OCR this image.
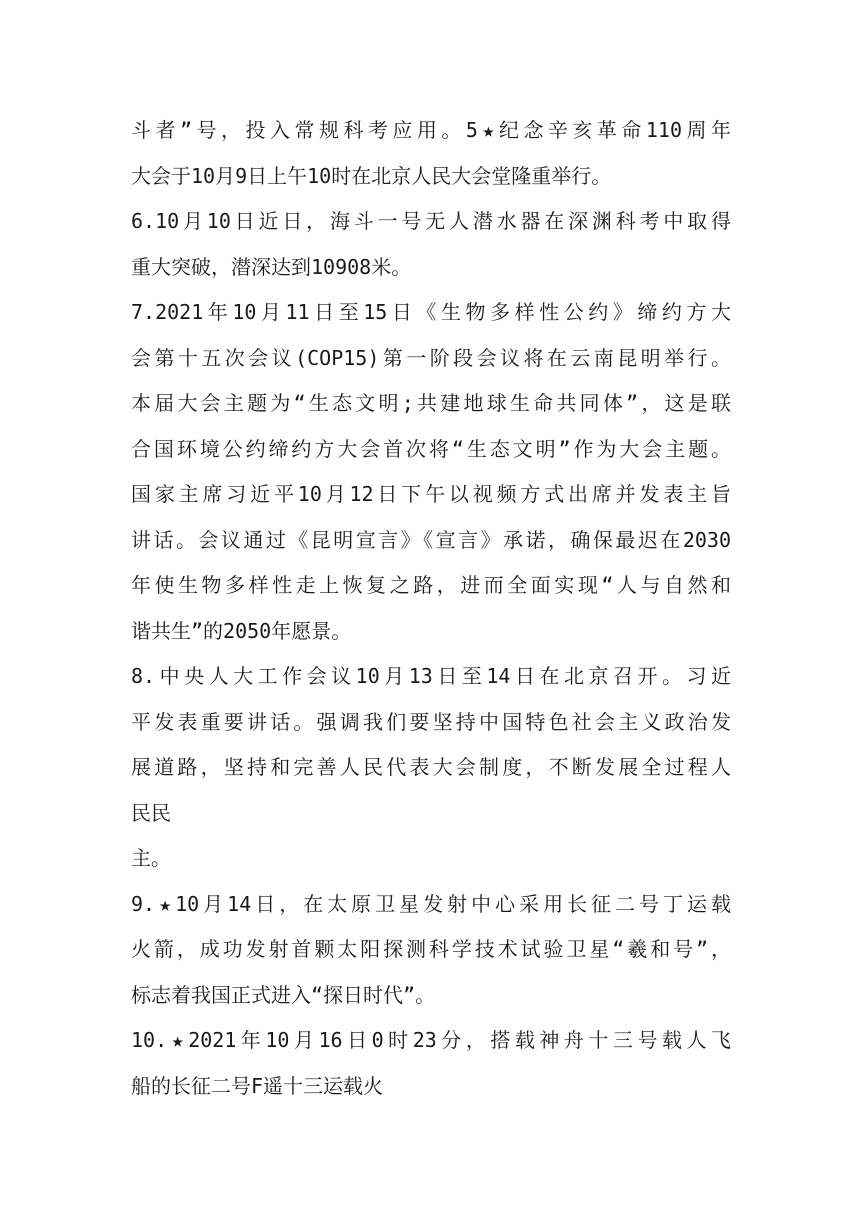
斗者”号，投入常规科考应用。5★纪念辛亥革命110周年
大会于10月9日上午10时在北京人民大会堂隆重举行。
6.10月10日近日，海斗一号无人潜水器在深渊科考中取得
重大突破，潜深达到10908米。
7.2021年10月11日至15日《生物多样性公约》缔约方大
会第十五次会议(COP15)第一阶段会议将在云南昆明举行。
本届大会主题为“生态文明;共建地球生命共同体”，这是联
合国环境公约缔约方大会首次将“生态文明”作为大会主题。
国家主席习近平10月12日下午以视频方式出席并发表主旨
讲话。会议通过《昆明宣言》《宣言》承诺，确保最迟在2030
年使生物多样性走上恢复之路，进而全面实现“人与自然和
谐共生”的2050年愿景。
8.中央人大工作会议10月13日至14日在北京召开。习近
平发表重要讲话。强调我们要坚持中国特色社会主义政治发
展道路，坚持和完善人民代表大会制度，不断发展全过程人
民民
主。
9.★10月14日，在太原卫星发射中心采用长征二号丁运载
火箭，成功发射首颗太阳探测科学技术试验卫星“羲和号”，
标志着我国正式进入“探日时代”。
10.★2021年10月16日0时23分，搭载神舟十三号载人飞
船的长征二号F遥十三运载火
